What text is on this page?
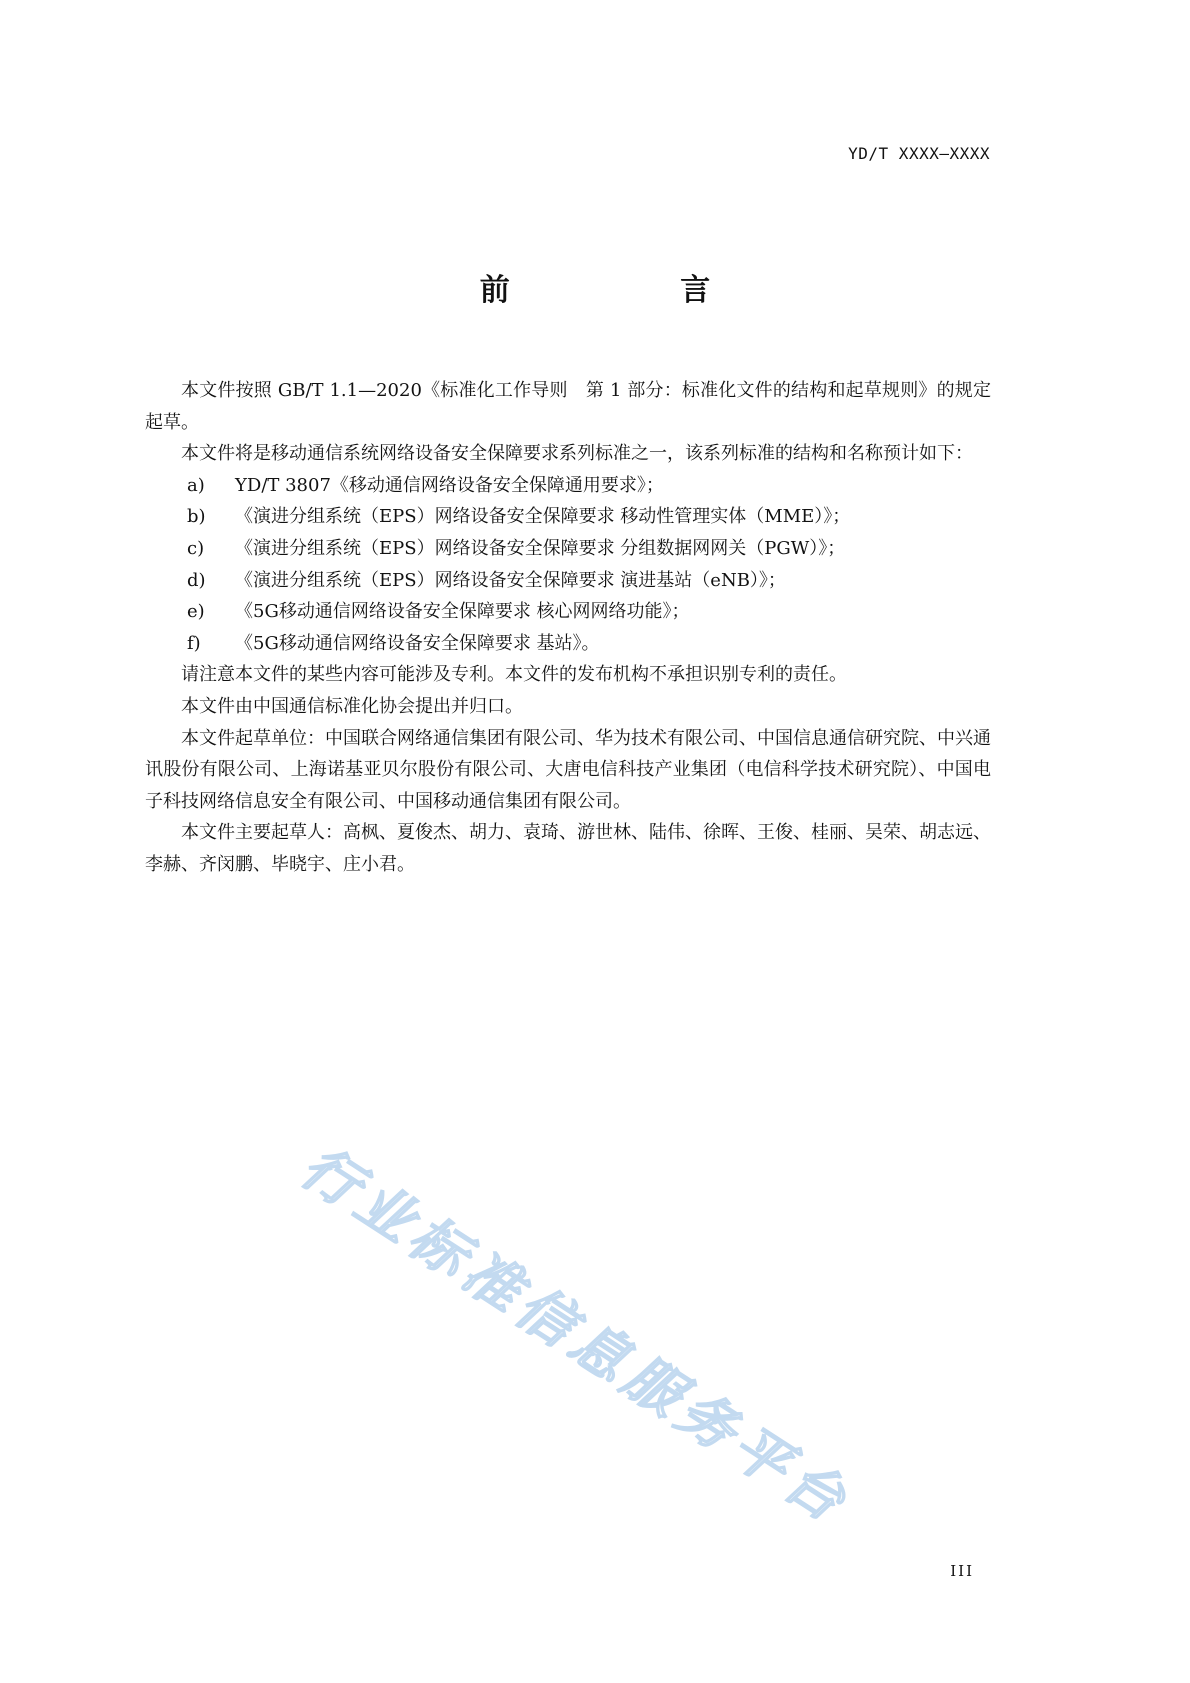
YD/T XXXX—XXXX
前 言

本文件按照 GB/T 1.1—2020《标准化工作导则　第 1 部分：标准化文件的结构和起草规则》的规定起草。

本文件将是移动通信系统网络设备安全保障要求系列标准之一，该系列标准的结构和名称预计如下：

a)	YD/T 3807《移动通信网络设备安全保障通用要求》；
b)	《演进分组系统（EPS）网络设备安全保障要求 移动性管理实体（MME）》；
c)	《演进分组系统（EPS）网络设备安全保障要求 分组数据网网关（PGW）》；
d)	《演进分组系统（EPS）网络设备安全保障要求 演进基站（eNB）》；
e)	《5G移动通信网络设备安全保障要求 核心网网络功能》；
f)	《5G移动通信网络设备安全保障要求 基站》。

请注意本文件的某些内容可能涉及专利。本文件的发布机构不承担识别专利的责任。

本文件由中国通信标准化协会提出并归口。

本文件起草单位：中国联合网络通信集团有限公司、华为技术有限公司、中国信息通信研究院、中兴通讯股份有限公司、上海诺基亚贝尔股份有限公司、大唐电信科技产业集团（电信科学技术研究院）、中国电子科技网络信息安全有限公司、中国移动通信集团有限公司。

本文件主要起草人：高枫、夏俊杰、胡力、袁琦、游世林、陆伟、徐晖、王俊、桂丽、吴荣、胡志远、李赫、齐闵鹏、毕晓宇、庄小君。

行业标准信息服务平台
III
